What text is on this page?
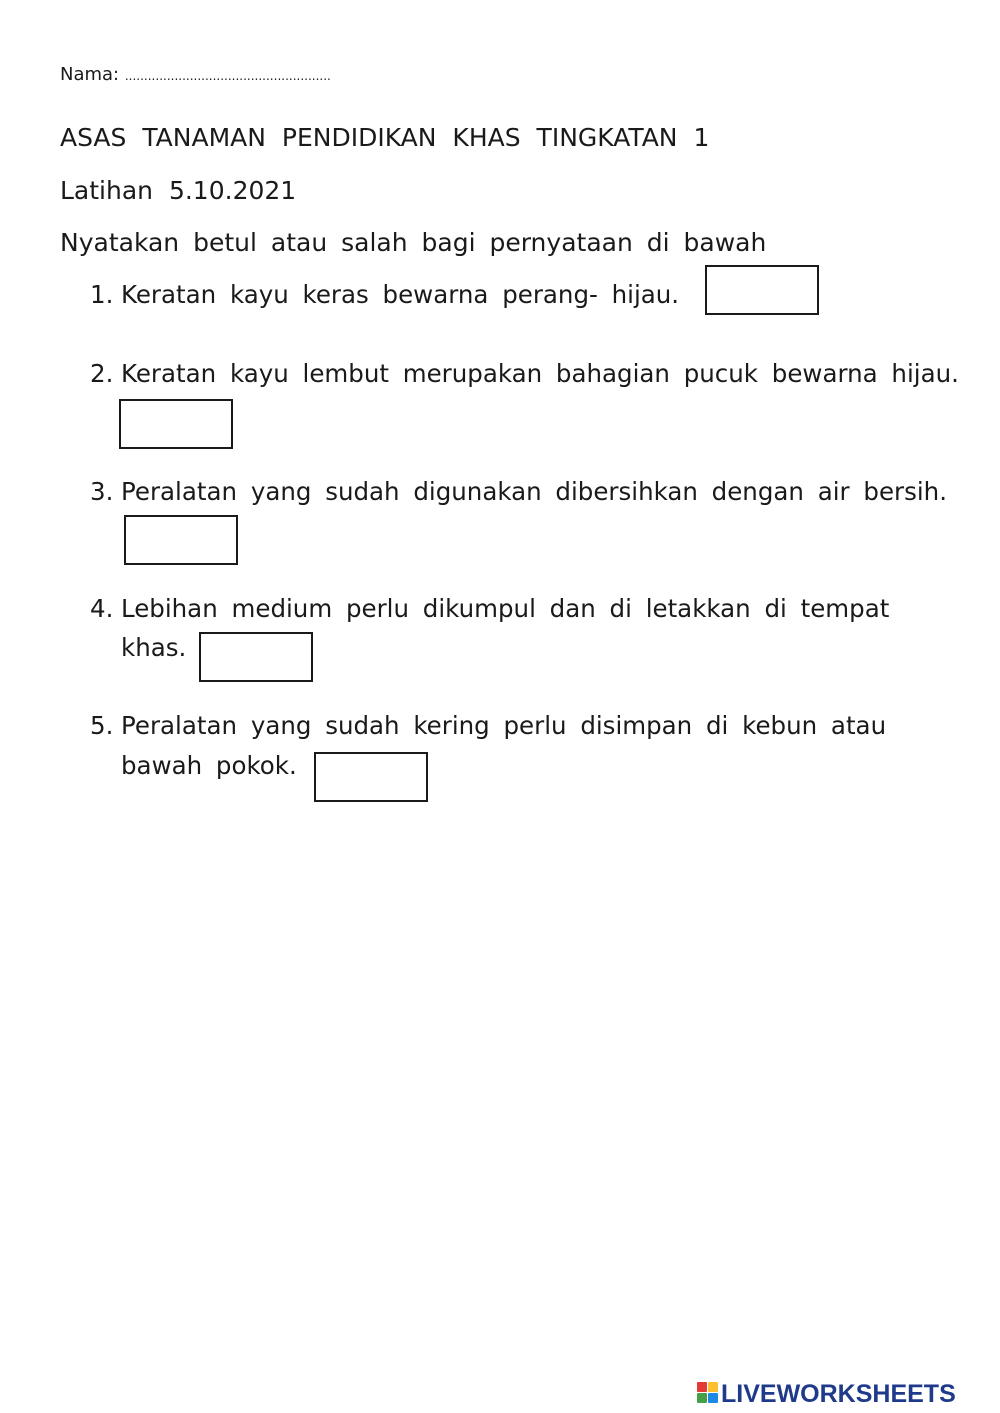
Nama: ......................................................
ASAS TANAMAN PENDIDIKAN KHAS TINGKATAN 1
Latihan 5.10.2021
Nyatakan betul atau salah bagi pernyataan di bawah
1. Keratan kayu keras bewarna perang- hijau.
2. Keratan kayu lembut merupakan bahagian pucuk bewarna hijau.
3. Peralatan yang sudah digunakan dibersihkan dengan air bersih.
4. Lebihan medium perlu dikumpul dan di letakkan di tempat
khas.
5. Peralatan yang sudah kering perlu disimpan di kebun atau
bawah pokok.
LIVEWORKSHEETS
